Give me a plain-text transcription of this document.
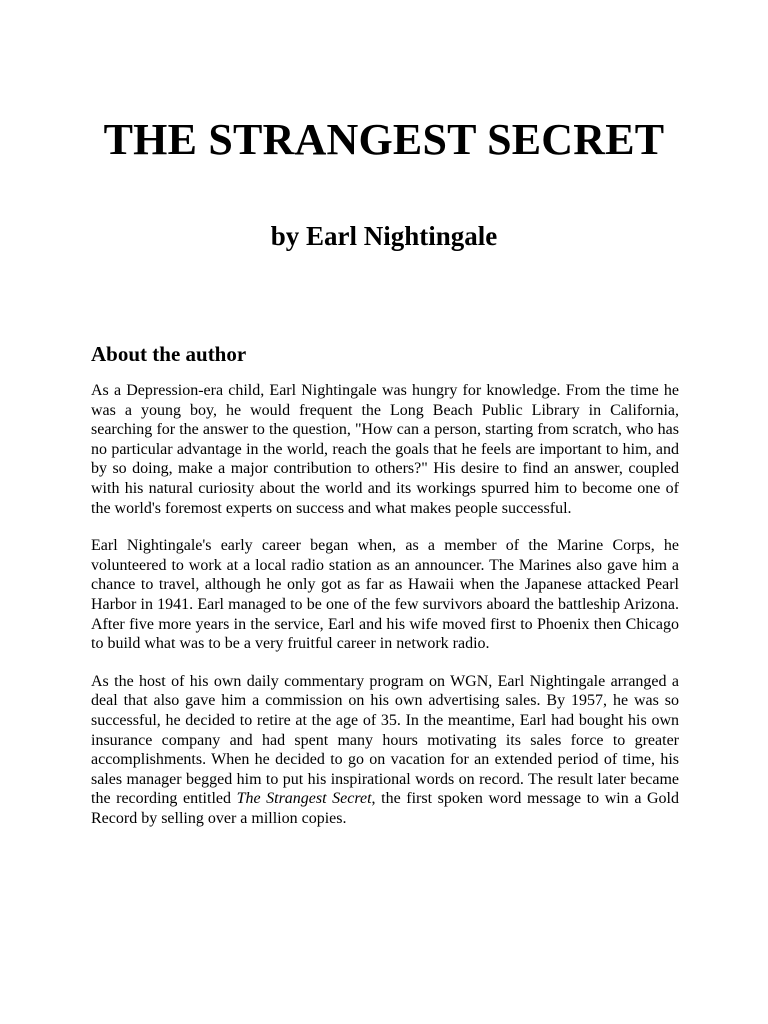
THE STRANGEST SECRET
by Earl Nightingale
About the author

As a Depression-era child, Earl Nightingale was hungry for knowledge. From the time he was a young boy, he would frequent the Long Beach Public Library in California, searching for the answer to the question, "How can a person, starting from scratch, who has no particular advantage in the world, reach the goals that he feels are important to him, and by so doing, make a major contribution to others?" His desire to find an answer, coupled with his natural curiosity about the world and its workings spurred him to become one of the world's foremost experts on success and what makes people successful.

Earl Nightingale's early career began when, as a member of the Marine Corps, he volunteered to work at a local radio station as an announcer. The Marines also gave him a chance to travel, although he only got as far as Hawaii when the Japanese attacked Pearl Harbor in 1941. Earl managed to be one of the few survivors aboard the battleship Arizona. After five more years in the service, Earl and his wife moved first to Phoenix then Chicago to build what was to be a very fruitful career in network radio.

As the host of his own daily commentary program on WGN, Earl Nightingale arranged a deal that also gave him a commission on his own advertising sales. By 1957, he was so successful, he decided to retire at the age of 35. In the meantime, Earl had bought his own insurance company and had spent many hours motivating its sales force to greater accomplishments. When he decided to go on vacation for an extended period of time, his sales manager begged him to put his inspirational words on record. The result later became the recording entitled The Strangest Secret, the first spoken word message to win a Gold Record by selling over a million copies.
